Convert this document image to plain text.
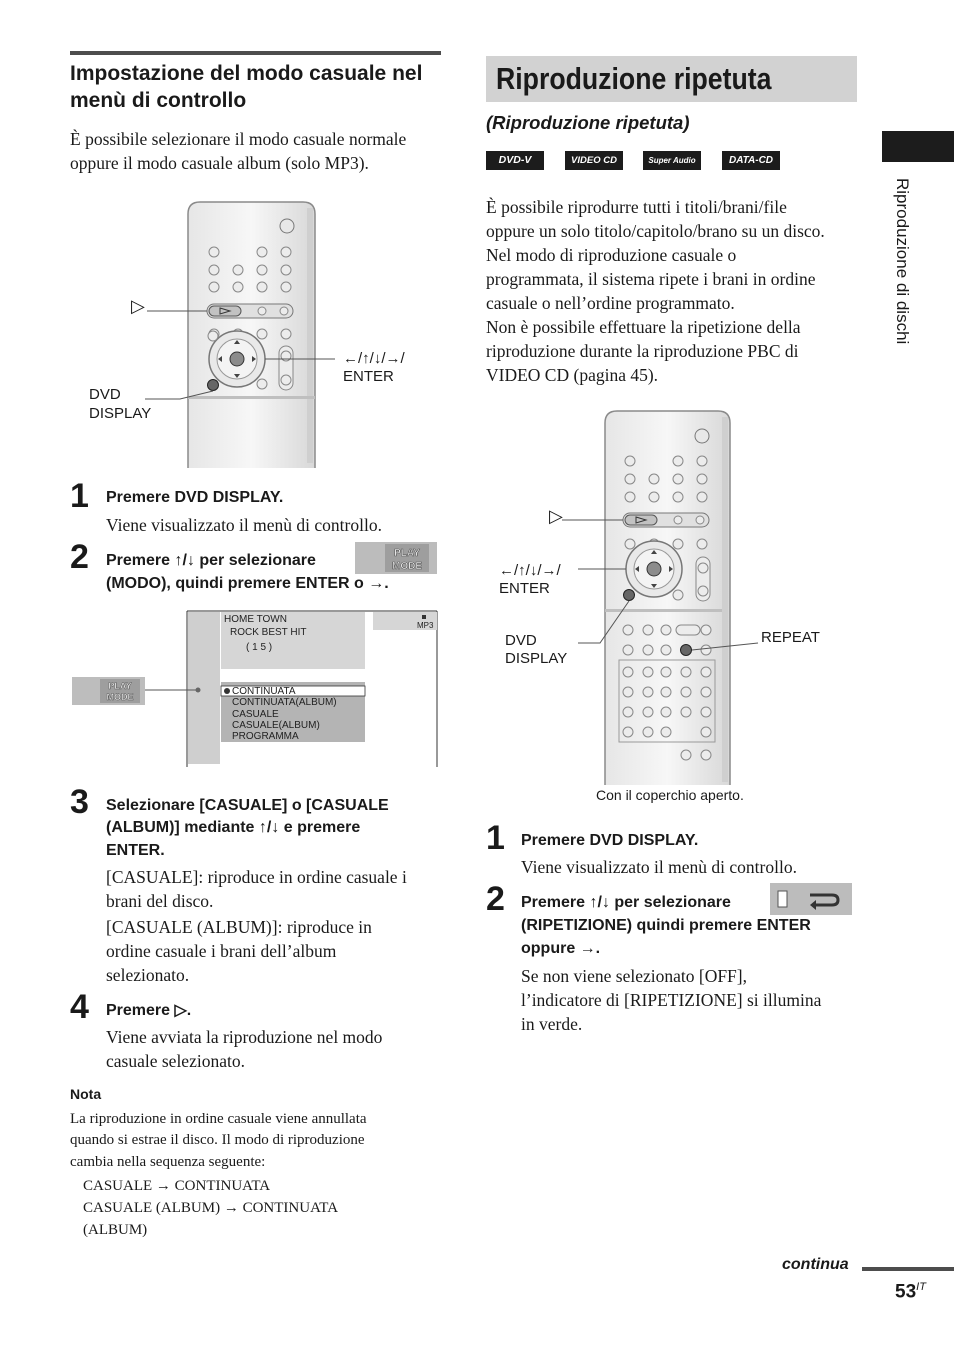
Impostazione del modo casuale nel menù di controllo
È possibile selezionare il modo casuale normale oppure il modo casuale album (solo MP3).
▷
←/↑/↓/→/
ENTER
DVD
DISPLAY
1 Premere DVD DISPLAY.
Viene visualizzato il menù di controllo.
2 Premere ↑/↓ per selezionare
(MODO), quindi premere ENTER o →.
PLAY
MODE
PLAY
MODE
HOME TOWN
ROCK BEST HIT
( 1 5 )
MP3
CONTINUATA
CONTINUATA(ALBUM)
CASUALE
CASUALE(ALBUM)
PROGRAMMA
3 Selezionare [CASUALE] o [CASUALE
(ALBUM)] mediante ↑/↓ e premere
ENTER.
[CASUALE]: riproduce in ordine casuale i
brani del disco.
[CASUALE (ALBUM)]: riproduce in
ordine casuale i brani dell’album
selezionato.
4 Premere ▷.
Viene avviata la riproduzione nel modo
casuale selezionato.
Nota
La riproduzione in ordine casuale viene annullata
quando si estrae il disco. Il modo di riproduzione
cambia nella sequenza seguente:
CASUALE → CONTINUATA
CASUALE (ALBUM) → CONTINUATA
(ALBUM)
Riproduzione ripetuta
(Riproduzione ripetuta)
DVD-V	VIDEO CD	Super Audio CD
DATA-CD
È possibile riprodurre tutti i titoli/brani/file
oppure un solo titolo/capitolo/brano su un disco.
Nel modo di riproduzione casuale o
programmata, il sistema ripete i brani in ordine
casuale o nell’ordine programmato.
Non è possibile effettuare la ripetizione della
riproduzione durante la riproduzione PBC di
VIDEO CD (pagina 45).
▷
←/↑/↓/→/
ENTER
DVD
DISPLAY
REPEAT
Con il coperchio aperto.
1 Premere DVD DISPLAY.
Viene visualizzato il menù di controllo.
2 Premere ↑/↓ per selezionare
(RIPETIZIONE) quindi premere ENTER
oppure →.
Se non viene selezionato [OFF],
l’indicatore di [RIPETIZIONE] si illumina
in verde.
Riproduzione di dischi
continua
$53^{IT}$
